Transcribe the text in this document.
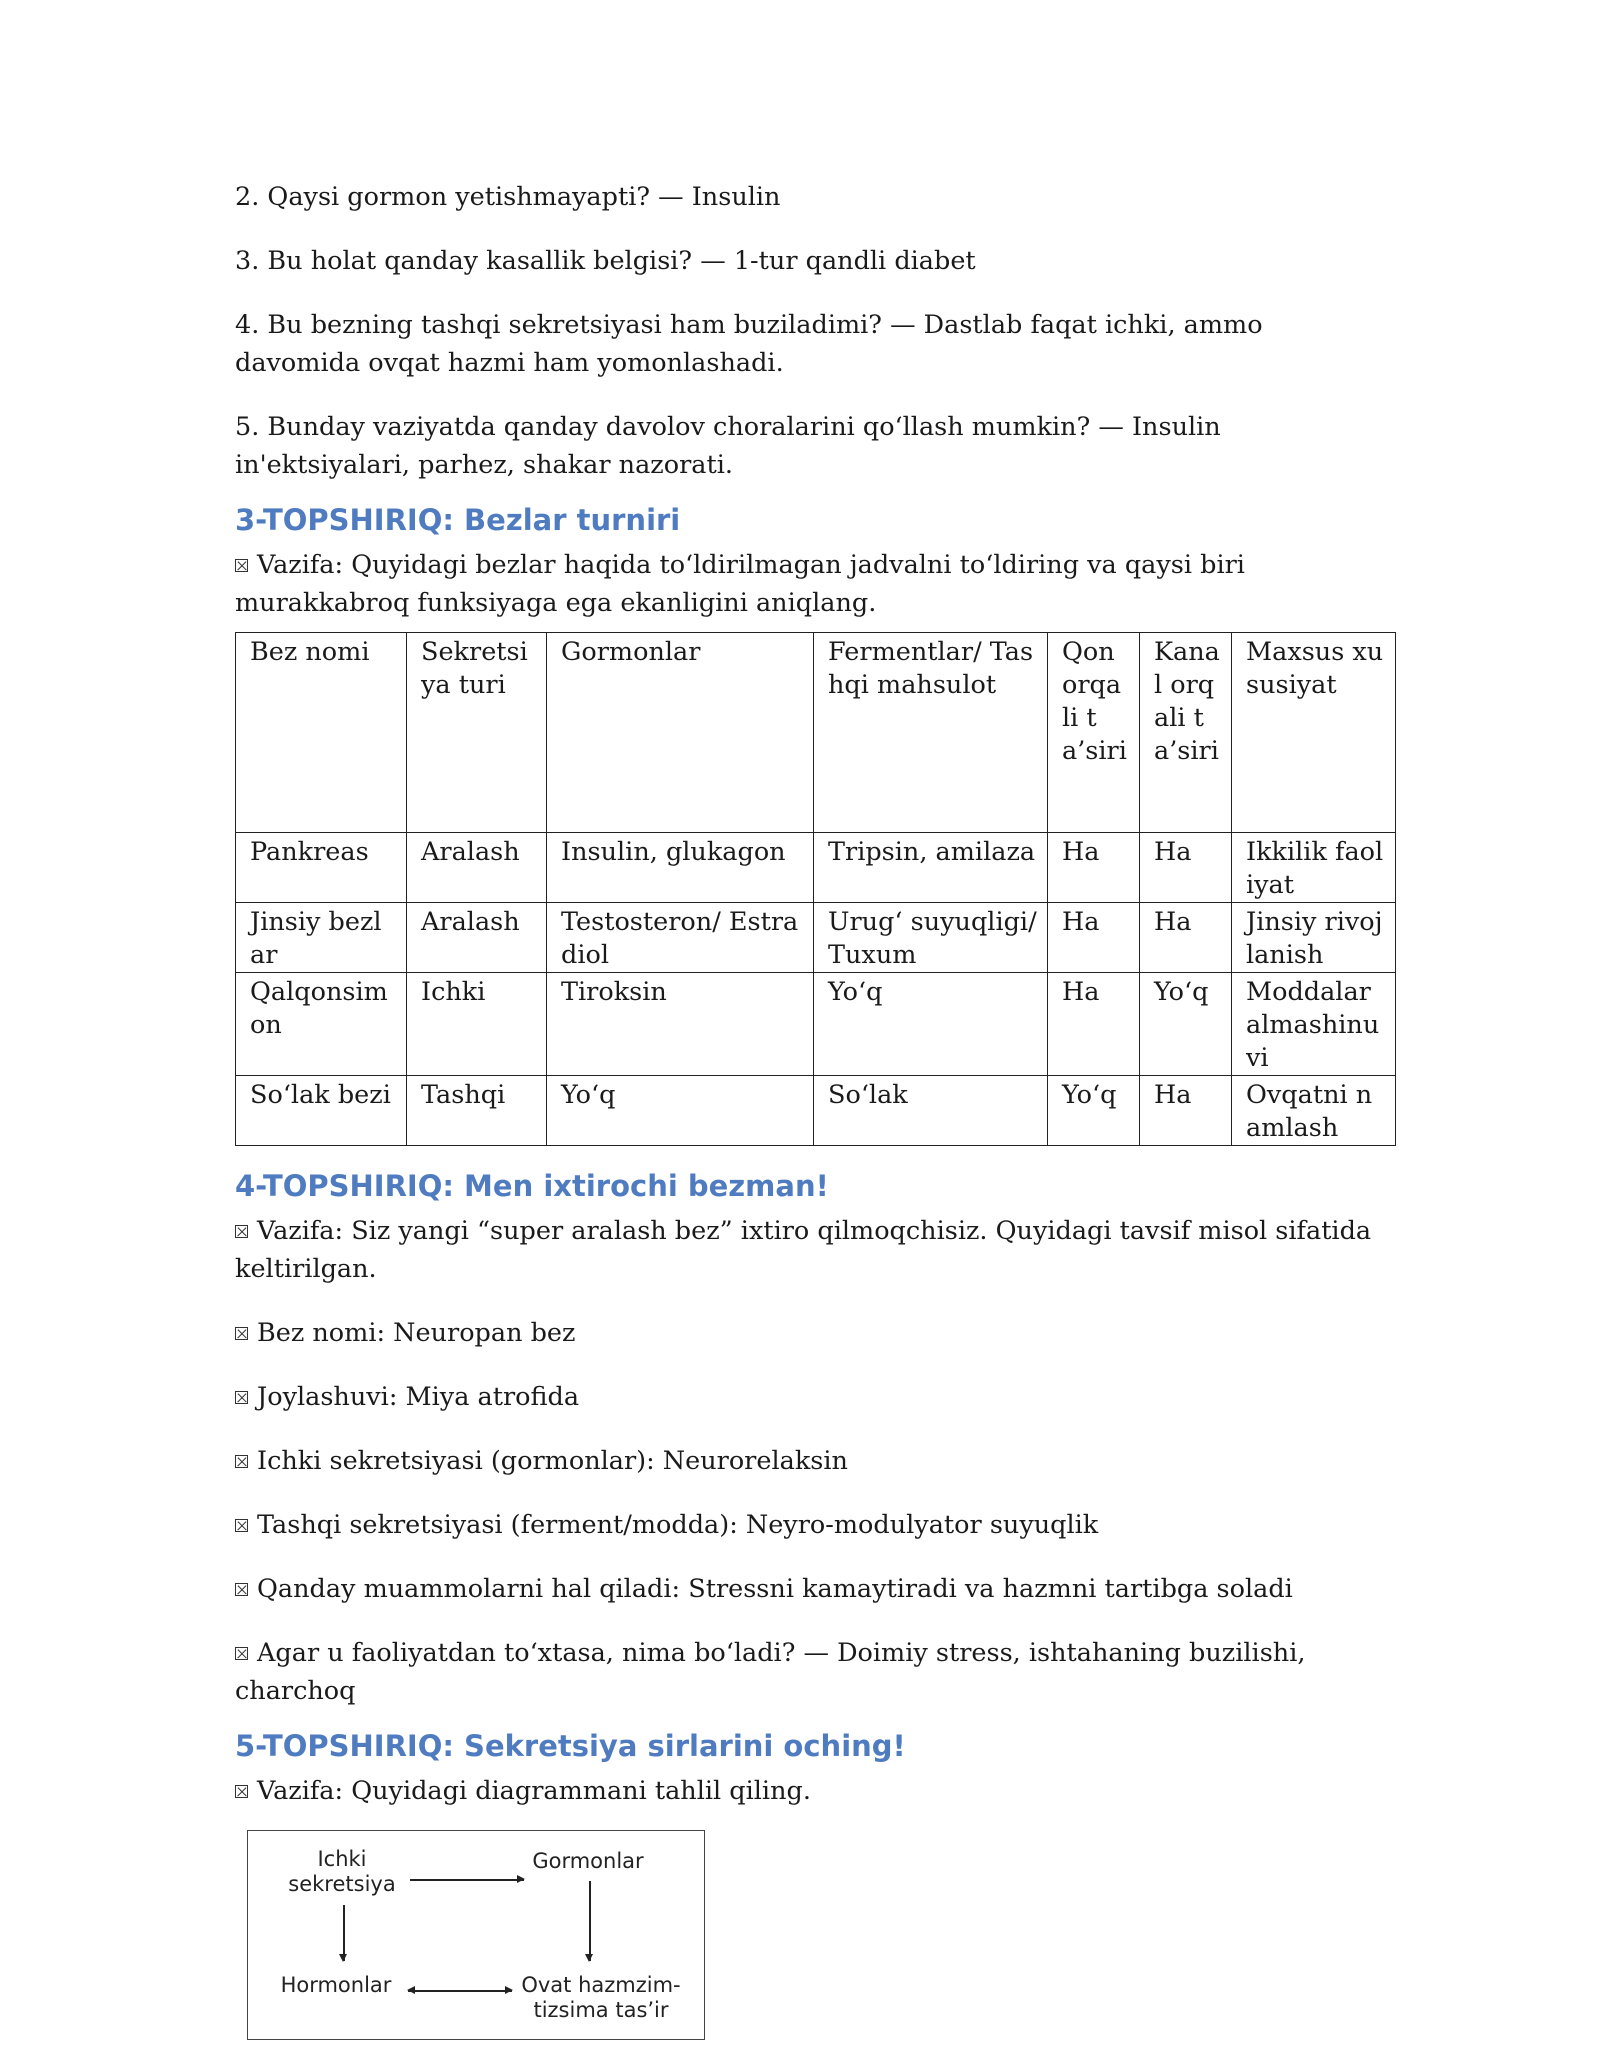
2. Qaysi gormon yetishmayapti? — Insulin

3. Bu holat qanday kasallik belgisi? — 1-tur qandli diabet

4. Bu bezning tashqi sekretsiyasi ham buziladimi? — Dastlab faqat ichki, ammo davomida ovqat hazmi ham yomonlashadi.

5. Bunday vaziyatda qanday davolov choralarini qo‘llash mumkin? — Insulin in'ektsiyalari, parhez, shakar nazorati.

3-TOPSHIRIQ: Bezlar turniri

Vazifa: Quyidagi bezlar haqida to‘ldirilmagan jadvalni to‘ldiring va qaysi biri murakkabroq funksiyaga ega ekanligini aniqlang.

Bez nomi	Sekretsiya turi	Gormonlar	Fermentlar/ Tashqi mahsulot	Qon orqali ta’siri	Kanal orqali ta’siri	Maxsus xususiyat
Pankreas	Aralash	Insulin, glukagon	Tripsin, amilaza	Ha	Ha	Ikkilik faoliyat
Jinsiy bezlar	Aralash	Testosteron/ Estradiol	Urug‘ suyuqligi/Tuxum	Ha	Ha	Jinsiy rivojlanish
Qalqonsimon	Ichki	Tiroksin	Yo‘q	Ha	Yo‘q	Moddalar almashinuvi
So‘lak bezi	Tashqi	Yo‘q	So‘lak	Yo‘q	Ha	Ovqatni namlash
4-TOPSHIRIQ: Men ixtirochi bezman!

Vazifa: Siz yangi “super aralash bez” ixtiro qilmoqchisiz. Quyidagi tavsif misol sifatida keltirilgan.

Bez nomi: Neuropan bez

Joylashuvi: Miya atrofida

Ichki sekretsiyasi (gormonlar): Neurorelaksin

Tashqi sekretsiyasi (ferment/modda): Neyro-modulyator suyuqlik

Qanday muammolarni hal qiladi: Stressni kamaytiradi va hazmni tartibga soladi

Agar u faoliyatdan to‘xtasa, nima bo‘ladi? — Doimiy stress, ishtahaning buzilishi, charchoq

5-TOPSHIRIQ: Sekretsiya sirlarini oching!

Vazifa: Quyidagi diagrammani tahlil qiling.

Ichki sekretsiya
Gormonlar
Hormonlar	Ovat hazmzim-tizsima tas’ir
